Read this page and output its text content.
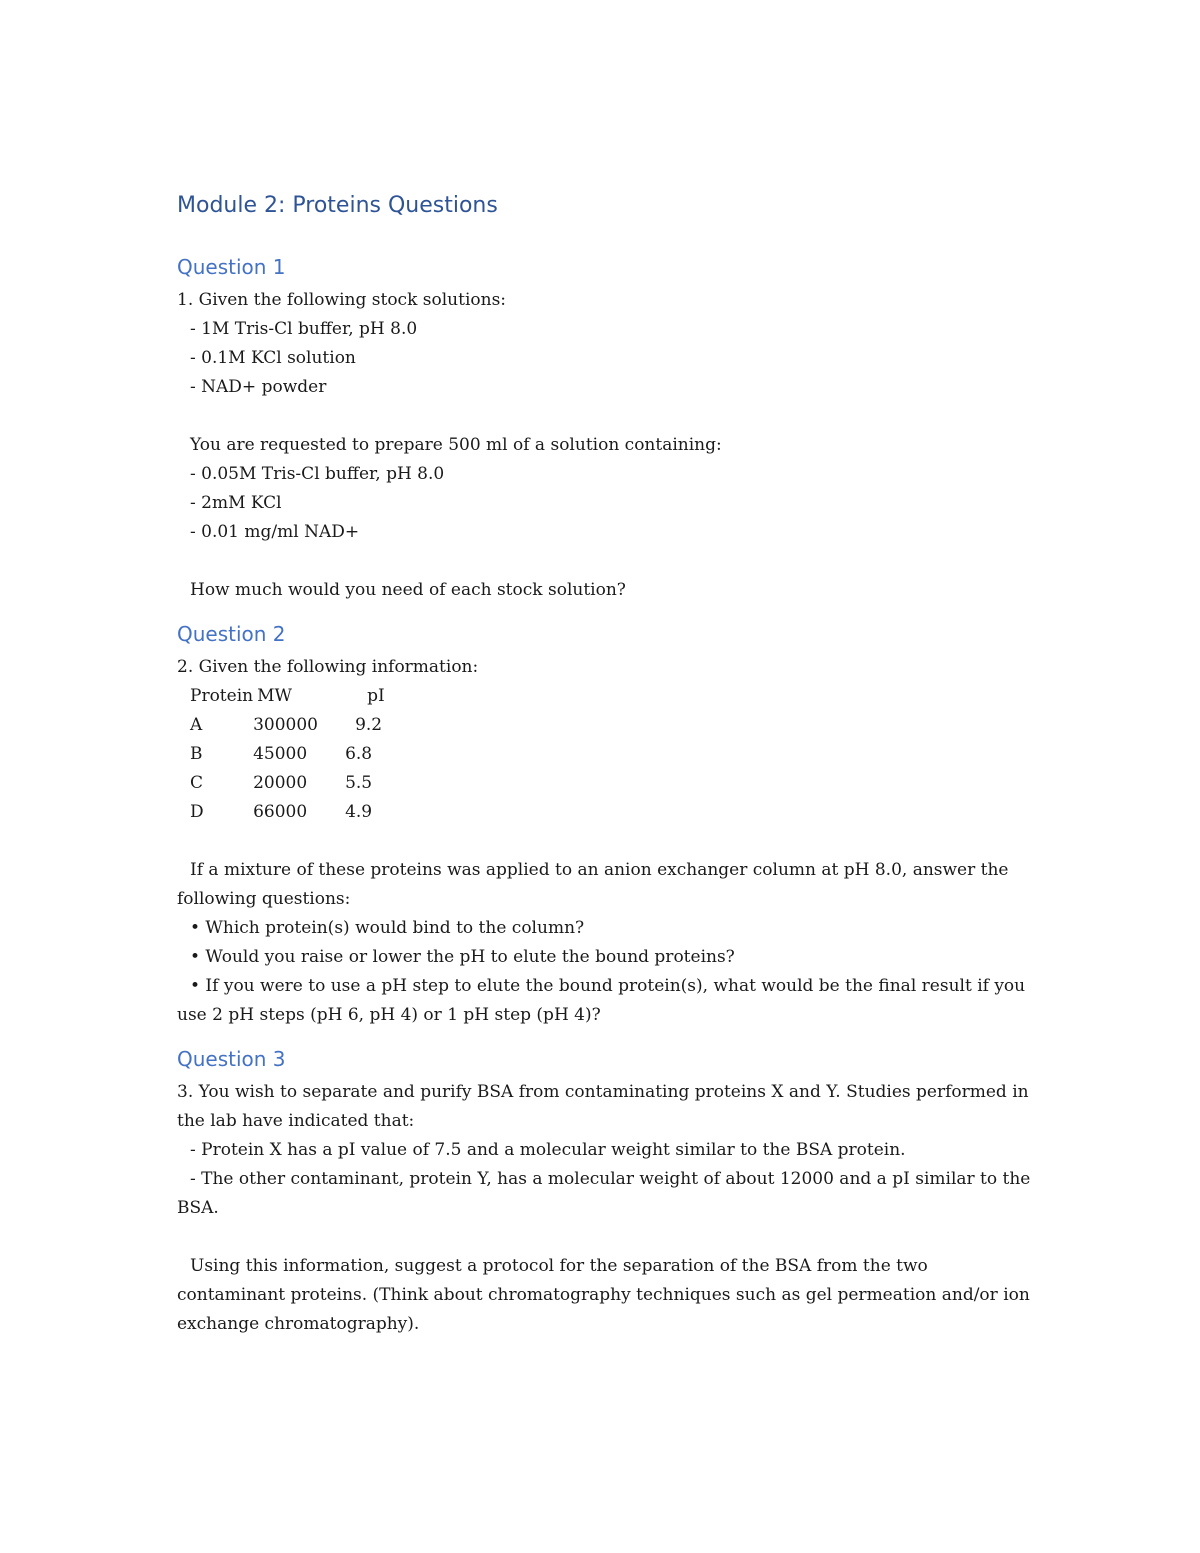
Module 2: Proteins Questions
Question 1

1. Given the following stock solutions:

- 1M Tris-Cl buffer, pH 8.0

- 0.1M KCl solution

- NAD+ powder

You are requested to prepare 500 ml of a solution containing:

- 0.05M Tris-Cl buffer, pH 8.0

- 2mM KCl

- 0.01 mg/ml NAD+

How much would you need of each stock solution?

Question 2

2. Given the following information:

Protein	MW	pI
A	300000	9.2
B	45000	6.8
C	20000	5.5
D	66000	4.9

If a mixture of these proteins was applied to an anion exchanger column at pH 8.0, answer the following questions:

• Which protein(s) would bind to the column?

• Would you raise or lower the pH to elute the bound proteins?

• If you were to use a pH step to elute the bound protein(s), what would be the final result if you use 2 pH steps (pH 6, pH 4) or 1 pH step (pH 4)?

Question 3

3. You wish to separate and purify BSA from contaminating proteins X and Y. Studies performed in the lab have indicated that:

- Protein X has a pI value of 7.5 and a molecular weight similar to the BSA protein.

- The other contaminant, protein Y, has a molecular weight of about 12000 and a pI similar to the BSA.

Using this information, suggest a protocol for the separation of the BSA from the two contaminant proteins. (Think about chromatography techniques such as gel permeation and/or ion exchange chromatography).
